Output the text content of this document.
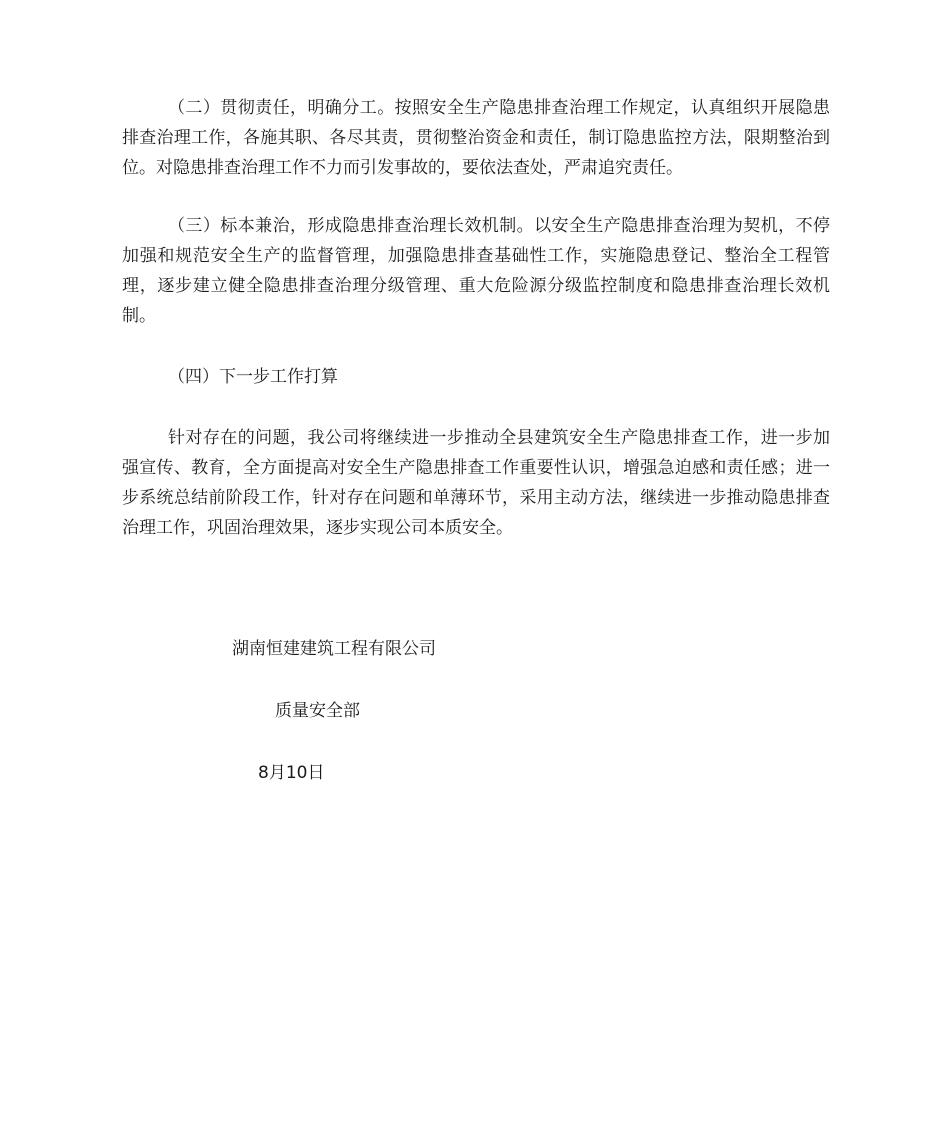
（二）贯彻责任，明确分工。按照安全生产隐患排查治理工作规定，认真组织开展隐患排查治理工作，各施其职、各尽其责，贯彻整治资金和责任，制订隐患监控方法，限期整治到位。对隐患排查治理工作不力而引发事故的，要依法查处，严肃追究责任。

（三）标本兼治，形成隐患排查治理长效机制。以安全生产隐患排查治理为契机，不停加强和规范安全生产的监督管理，加强隐患排查基础性工作，实施隐患登记、整治全工程管理，逐步建立健全隐患排查治理分级管理、重大危险源分级监控制度和隐患排查治理长效机制。

（四）下一步工作打算

针对存在的问题，我公司将继续进一步推动全县建筑安全生产隐患排查工作，进一步加强宣传、教育，全方面提高对安全生产隐患排查工作重要性认识，增强急迫感和责任感；进一步系统总结前阶段工作，针对存在问题和单薄环节，采用主动方法，继续进一步推动隐患排查治理工作，巩固治理效果，逐步实现公司本质安全。

湖南恒建建筑工程有限公司

质量安全部

8月10日
